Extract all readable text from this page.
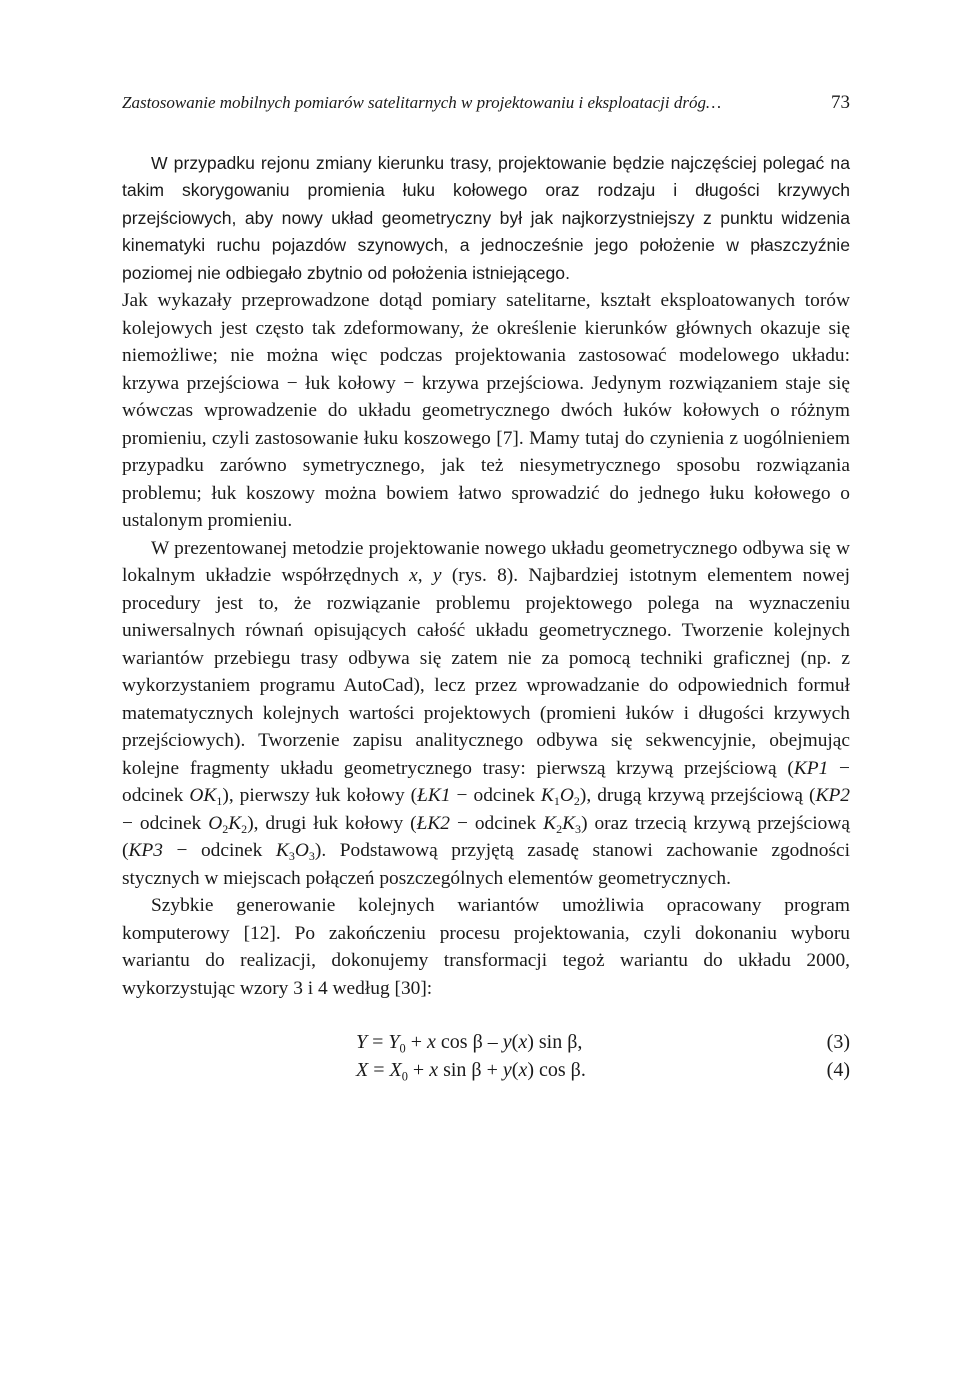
Zastosowanie mobilnych pomiarów satelitarnych w projektowaniu i eksploatacji dróg…	73

W przypadku rejonu zmiany kierunku trasy, projektowanie będzie najczęściej polegać na takim skorygowaniu promienia łuku kołowego oraz rodzaju i długości krzywych przejściowych, aby nowy układ geometryczny był jak najkorzystniejszy z punktu widzenia kinematyki ruchu pojazdów szynowych, a jednocześnie jego położenie w płaszczyźnie poziomej nie odbiegało zbytnio od położenia istniejącego.

Jak wykazały przeprowadzone dotąd pomiary satelitarne, kształt eksploatowanych torów kolejowych jest często tak zdeformowany, że określenie kierunków głównych okazuje się niemożliwe; nie można więc podczas projektowania zastosować modelowego układu: krzywa przejściowa − łuk kołowy − krzywa przejściowa. Jedynym rozwiązaniem staje się wówczas wprowadzenie do układu geometrycznego dwóch łuków kołowych o różnym promieniu, czyli zastosowanie łuku koszowego [7]. Mamy tutaj do czynienia z uogólnieniem przypadku zarówno symetrycznego, jak też niesymetrycznego sposobu rozwiązania problemu; łuk koszowy można bowiem łatwo sprowadzić do jednego łuku kołowego o ustalonym promieniu.

W prezentowanej metodzie projektowanie nowego układu geometrycznego odbywa się w lokalnym układzie współrzędnych x, y (rys. 8). Najbardziej istotnym elementem nowej procedury jest to, że rozwiązanie problemu projektowego polega na wyznaczeniu uniwersalnych równań opisujących całość układu geometrycznego. Tworzenie kolejnych wariantów przebiegu trasy odbywa się zatem nie za pomocą techniki graficznej (np. z wykorzystaniem programu AutoCad), lecz przez wprowadzanie do odpowiednich formuł matematycznych kolejnych wartości projektowych (promieni łuków i długości krzywych przejściowych). Tworzenie zapisu analitycznego odbywa się sekwencyjnie, obejmując kolejne fragmenty układu geometrycznego trasy: pierwszą krzywą przejściową (KP1 − odcinek $OK_1$), pierwszy łuk kołowy (ŁK1 − odcinek $K_1O_2$), drugą krzywą przejściową (KP2 − odcinek $O_2K_2$), drugi łuk kołowy (ŁK2 − odcinek $K_2K_3$) oraz trzecią krzywą przejściową (KP3 − odcinek $K_3O_3$). Podstawową przyjętą zasadę stanowi zachowanie zgodności stycznych w miejscach połączeń poszczególnych elementów geometrycznych.

Szybkie generowanie kolejnych wariantów umożliwia opracowany program komputerowy [12]. Po zakończeniu procesu projektowania, czyli dokonaniu wyboru wariantu do realizacji, dokonujemy transformacji tegoż wariantu do układu 2000, wykorzystując wzory 3 i 4 według [30]:

$Y = Y_0 + x$ cos β – y(x) sin β,	(3)
$X = X_0 + x$ sin β + y(x) cos β.	(4)
